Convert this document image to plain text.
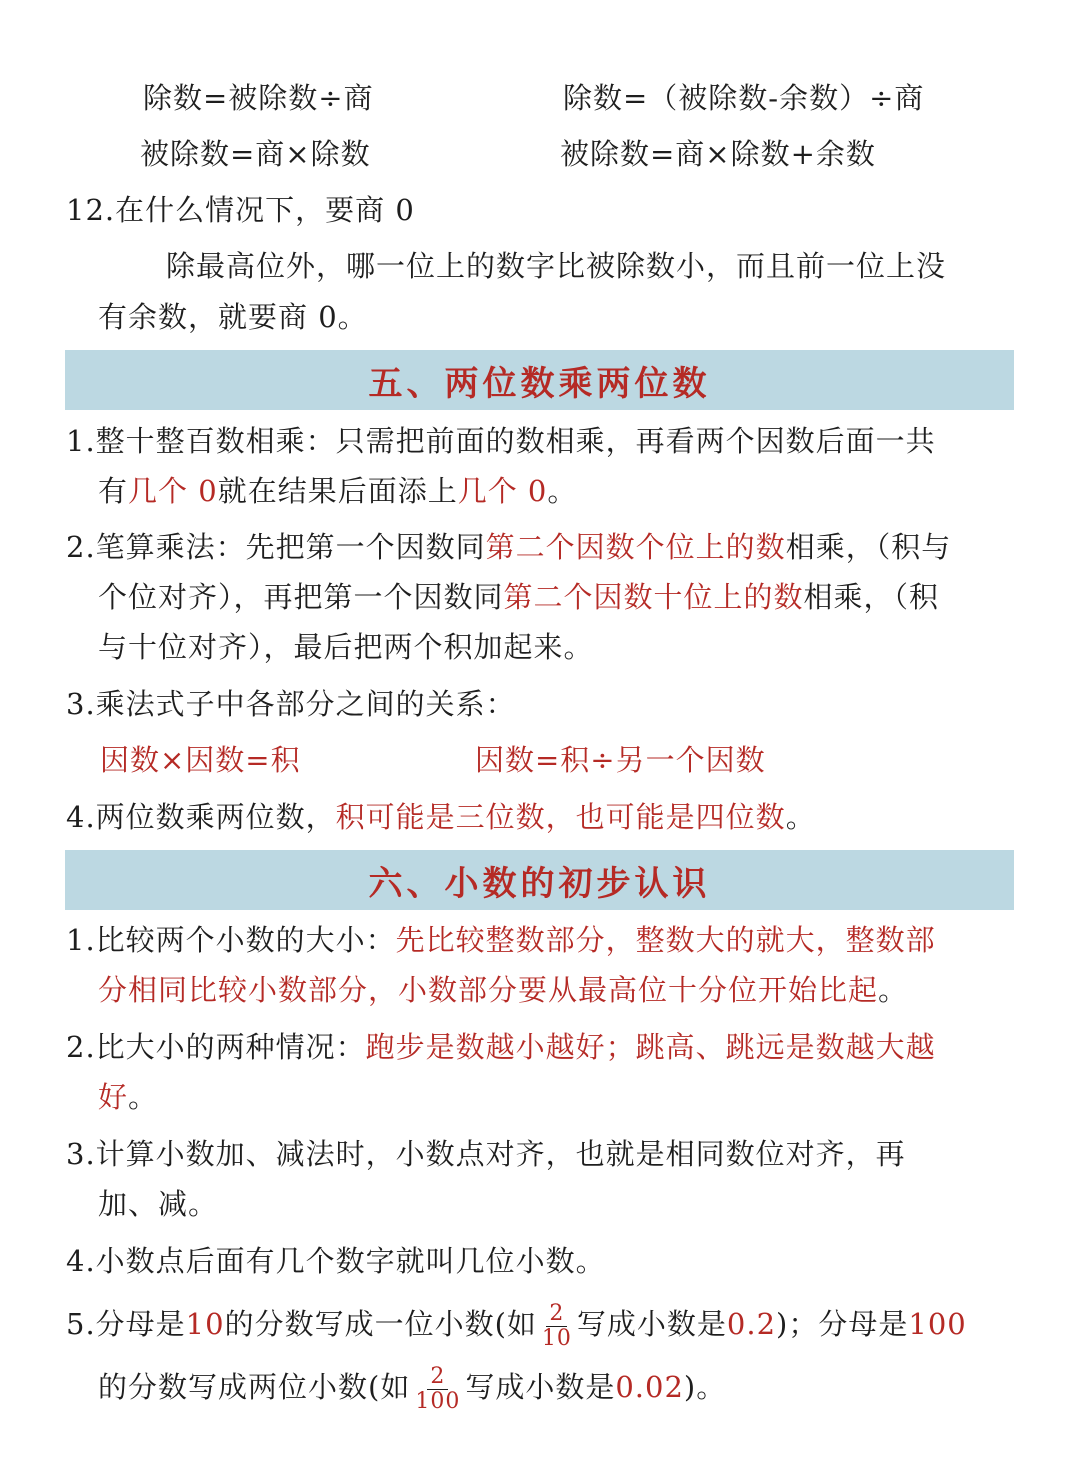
除数=被除数÷商	除数=（被除数-余数）÷商
被除数=商×除数	被除数=商×除数+余数
12.在什么情况下，要商 0
除最高位外，哪一位上的数字比被除数小，而且前一位上没
有余数，就要商 0。
五、两位数乘两位数
1.整十整百数相乘：只需把前面的数相乘，再看两个因数后面一共
有几个 0就在结果后面添上几个 0。
2.笔算乘法：先把第一个因数同第二个因数个位上的数相乘，（积与
个位对齐），再把第一个因数同第二个因数十位上的数相乘，（积
与十位对齐），最后把两个积加起来。
3.乘法式子中各部分之间的关系：
因数×因数=积	因数=积÷另一个因数
4.两位数乘两位数，积可能是三位数，也可能是四位数。
六、小数的初步认识
1.比较两个小数的大小：先比较整数部分，整数大的就大，整数部
分相同比较小数部分，小数部分要从最高位十分位开始比起。
2.比大小的两种情况：跑步是数越小越好；跳高、跳远是数越大越
好。
3.计算小数加、减法时，小数点对齐，也就是相同数位对齐，再
加、减。
4.小数点后面有几个数字就叫几位小数。
5.分母是10的分数写成一位小数(如 $\frac{2}{10}$ 写成小数是0.2)；分母是100
的分数写成两位小数(如 $\frac{2}{100}$ 写成小数是0.02)。
